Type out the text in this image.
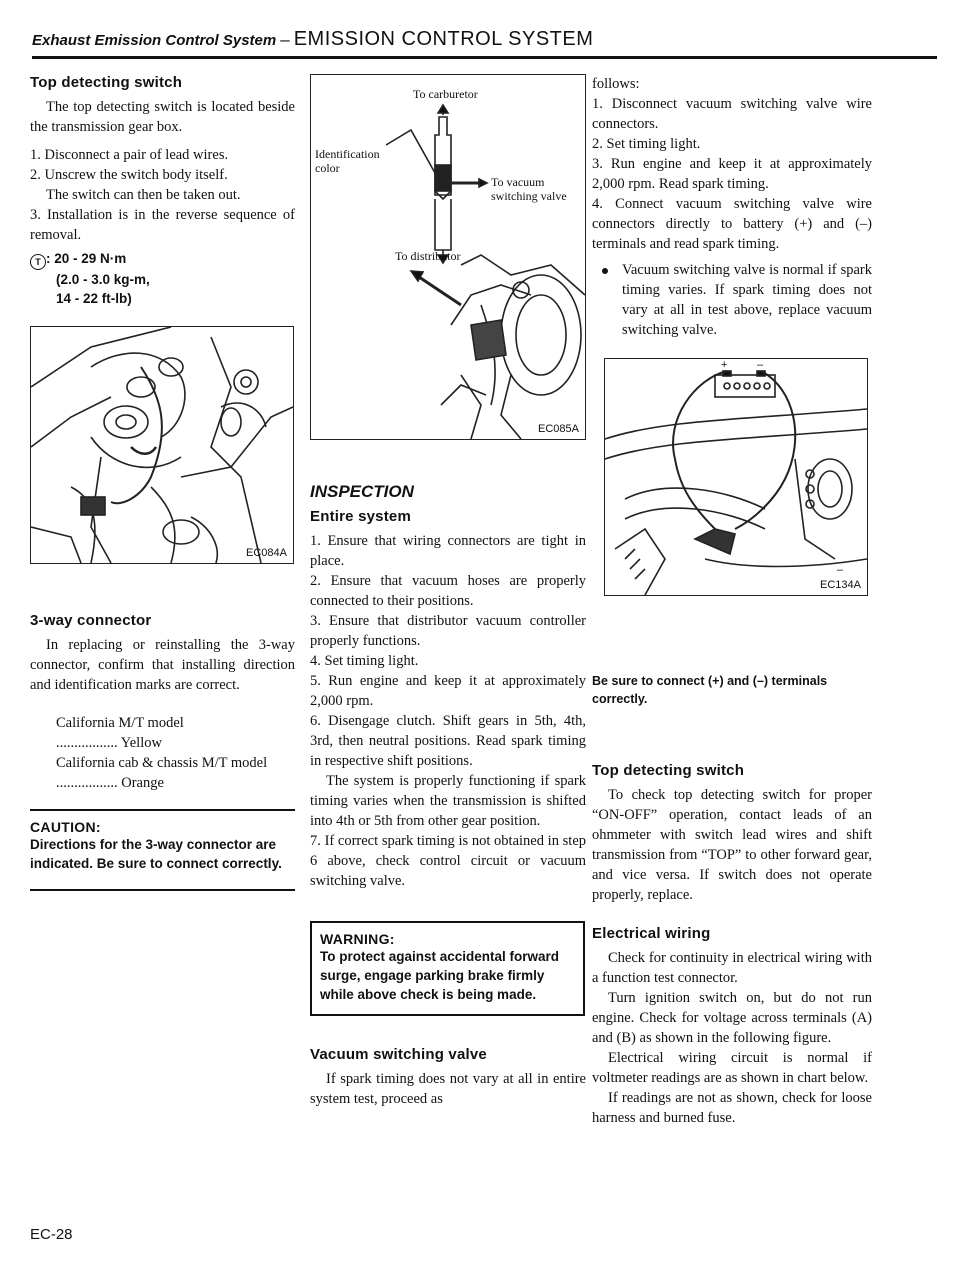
Exhaust Emission Control System – EMISSION CONTROL SYSTEM
Top detecting switch

The top detecting switch is located beside the transmission gear box.

1. Disconnect a pair of lead wires.

2. Unscrew the switch body itself.

The switch can then be taken out.

3. Installation is in the reverse sequence of removal.

T : 20 - 29 N·m
(2.0 - 3.0 kg-m,
14 - 22 ft-lb)
EC084A
3-way connector

In replacing or reinstalling the 3-way connector, confirm that installing direction and identification marks are correct.

California M/T model

................. Yellow

California cab & chassis M/T model

................. Orange

CAUTION:
Directions for the 3-way connector are indicated. Be sure to connect correctly.
To carburetor
Identification
color
To vacuum
switching valve
To distributor
EC085A
INSPECTION
Entire system

1. Ensure that wiring connectors are tight in place.

2. Ensure that vacuum hoses are properly connected to their positions.

3. Ensure that distributor vacuum controller properly functions.

4. Set timing light.

5. Run engine and keep it at approximately 2,000 rpm.

6. Disengage clutch. Shift gears in 5th, 4th, 3rd, then neutral positions. Read spark timing in respective shift positions.

The system is properly functioning if spark timing varies when the transmission is shifted into 4th or 5th from other gear position.

7. If correct spark timing is not obtained in step 6 above, check control circuit or vacuum switching valve.

WARNING:
To protect against accidental forward surge, engage parking brake firmly while above check is being made.
Vacuum switching valve

If spark timing does not vary at all in entire system test, proceed as

follows:

1. Disconnect vacuum switching valve wire connectors.

2. Set timing light.

3. Run engine and keep it at approximately 2,000 rpm. Read spark timing.

4. Connect vacuum switching valve wire connectors directly to battery (+) and (–) terminals and read spark timing.

Vacuum switching valve is normal if spark timing varies. If spark timing does not vary at all in test above, replace vacuum switching valve.
+	–
–
EC134A
Be sure to connect (+) and (–) terminals correctly.
Top detecting switch

To check top detecting switch for proper “ON-OFF” operation, contact leads of an ohmmeter with switch lead wires and shift transmission from “TOP” to other forward gear, and vice versa. If switch does not operate properly, replace.

Electrical wiring

Check for continuity in electrical wiring with a function test connector.

Turn ignition switch on, but do not run engine. Check for voltage across terminals (A) and (B) as shown in the following figure.

Electrical wiring circuit is normal if voltmeter readings are as shown in chart below.

If readings are not as shown, check for loose harness and burned fuse.

EC-28
